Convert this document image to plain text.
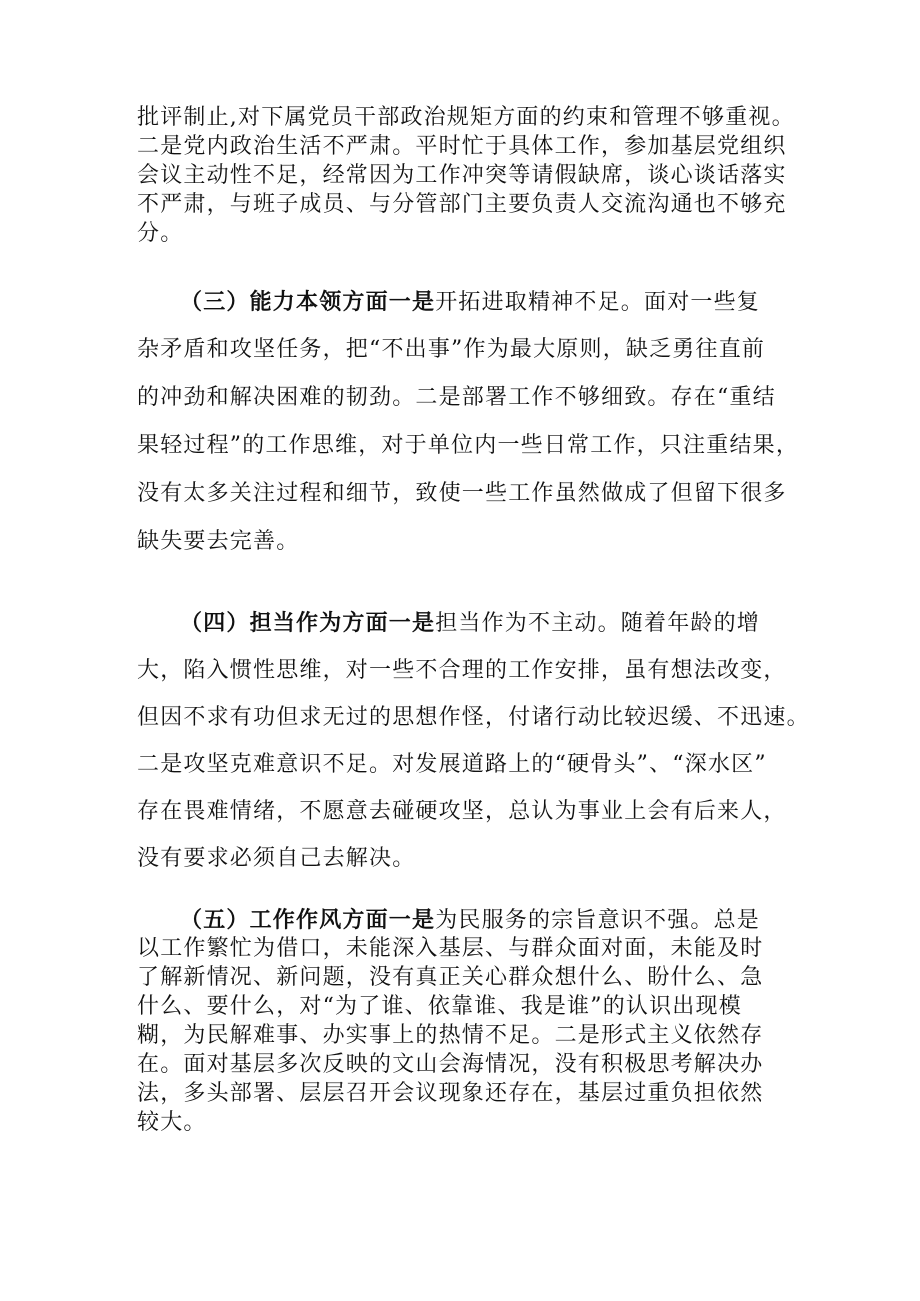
批评制止,对下属党员干部政治规矩方面的约束和管理不够重视。
二是党内政治生活不严肃。平时忙于具体工作，参加基层党组织
会议主动性不足，经常因为工作冲突等请假缺席，谈心谈话落实
不严肃，与班子成员、与分管部门主要负责人交流沟通也不够充
分。
（三）能力本领方面一是开拓进取精神不足。面对一些复
杂矛盾和攻坚任务，把“不出事”作为最大原则，缺乏勇往直前
的冲劲和解决困难的韧劲。二是部署工作不够细致。存在“重结
果轻过程”的工作思维，对于单位内一些日常工作，只注重结果，
没有太多关注过程和细节，致使一些工作虽然做成了但留下很多
缺失要去完善。
（四）担当作为方面一是担当作为不主动。随着年龄的增
大，陷入惯性思维，对一些不合理的工作安排，虽有想法改变，
但因不求有功但求无过的思想作怪，付诸行动比较迟缓、不迅速。
二是攻坚克难意识不足。对发展道路上的“硬骨头”、“深水区”
存在畏难情绪，不愿意去碰硬攻坚，总认为事业上会有后来人，
没有要求必须自己去解决。
（五）工作作风方面一是为民服务的宗旨意识不强。总是
以工作繁忙为借口，未能深入基层、与群众面对面，未能及时
了解新情况、新问题，没有真正关心群众想什么、盼什么、急
什么、要什么，对“为了谁、依靠谁、我是谁”的认识出现模
糊，为民解难事、办实事上的热情不足。二是形式主义依然存
在。面对基层多次反映的文山会海情况，没有积极思考解决办
法，多头部署、层层召开会议现象还存在，基层过重负担依然
较大。
